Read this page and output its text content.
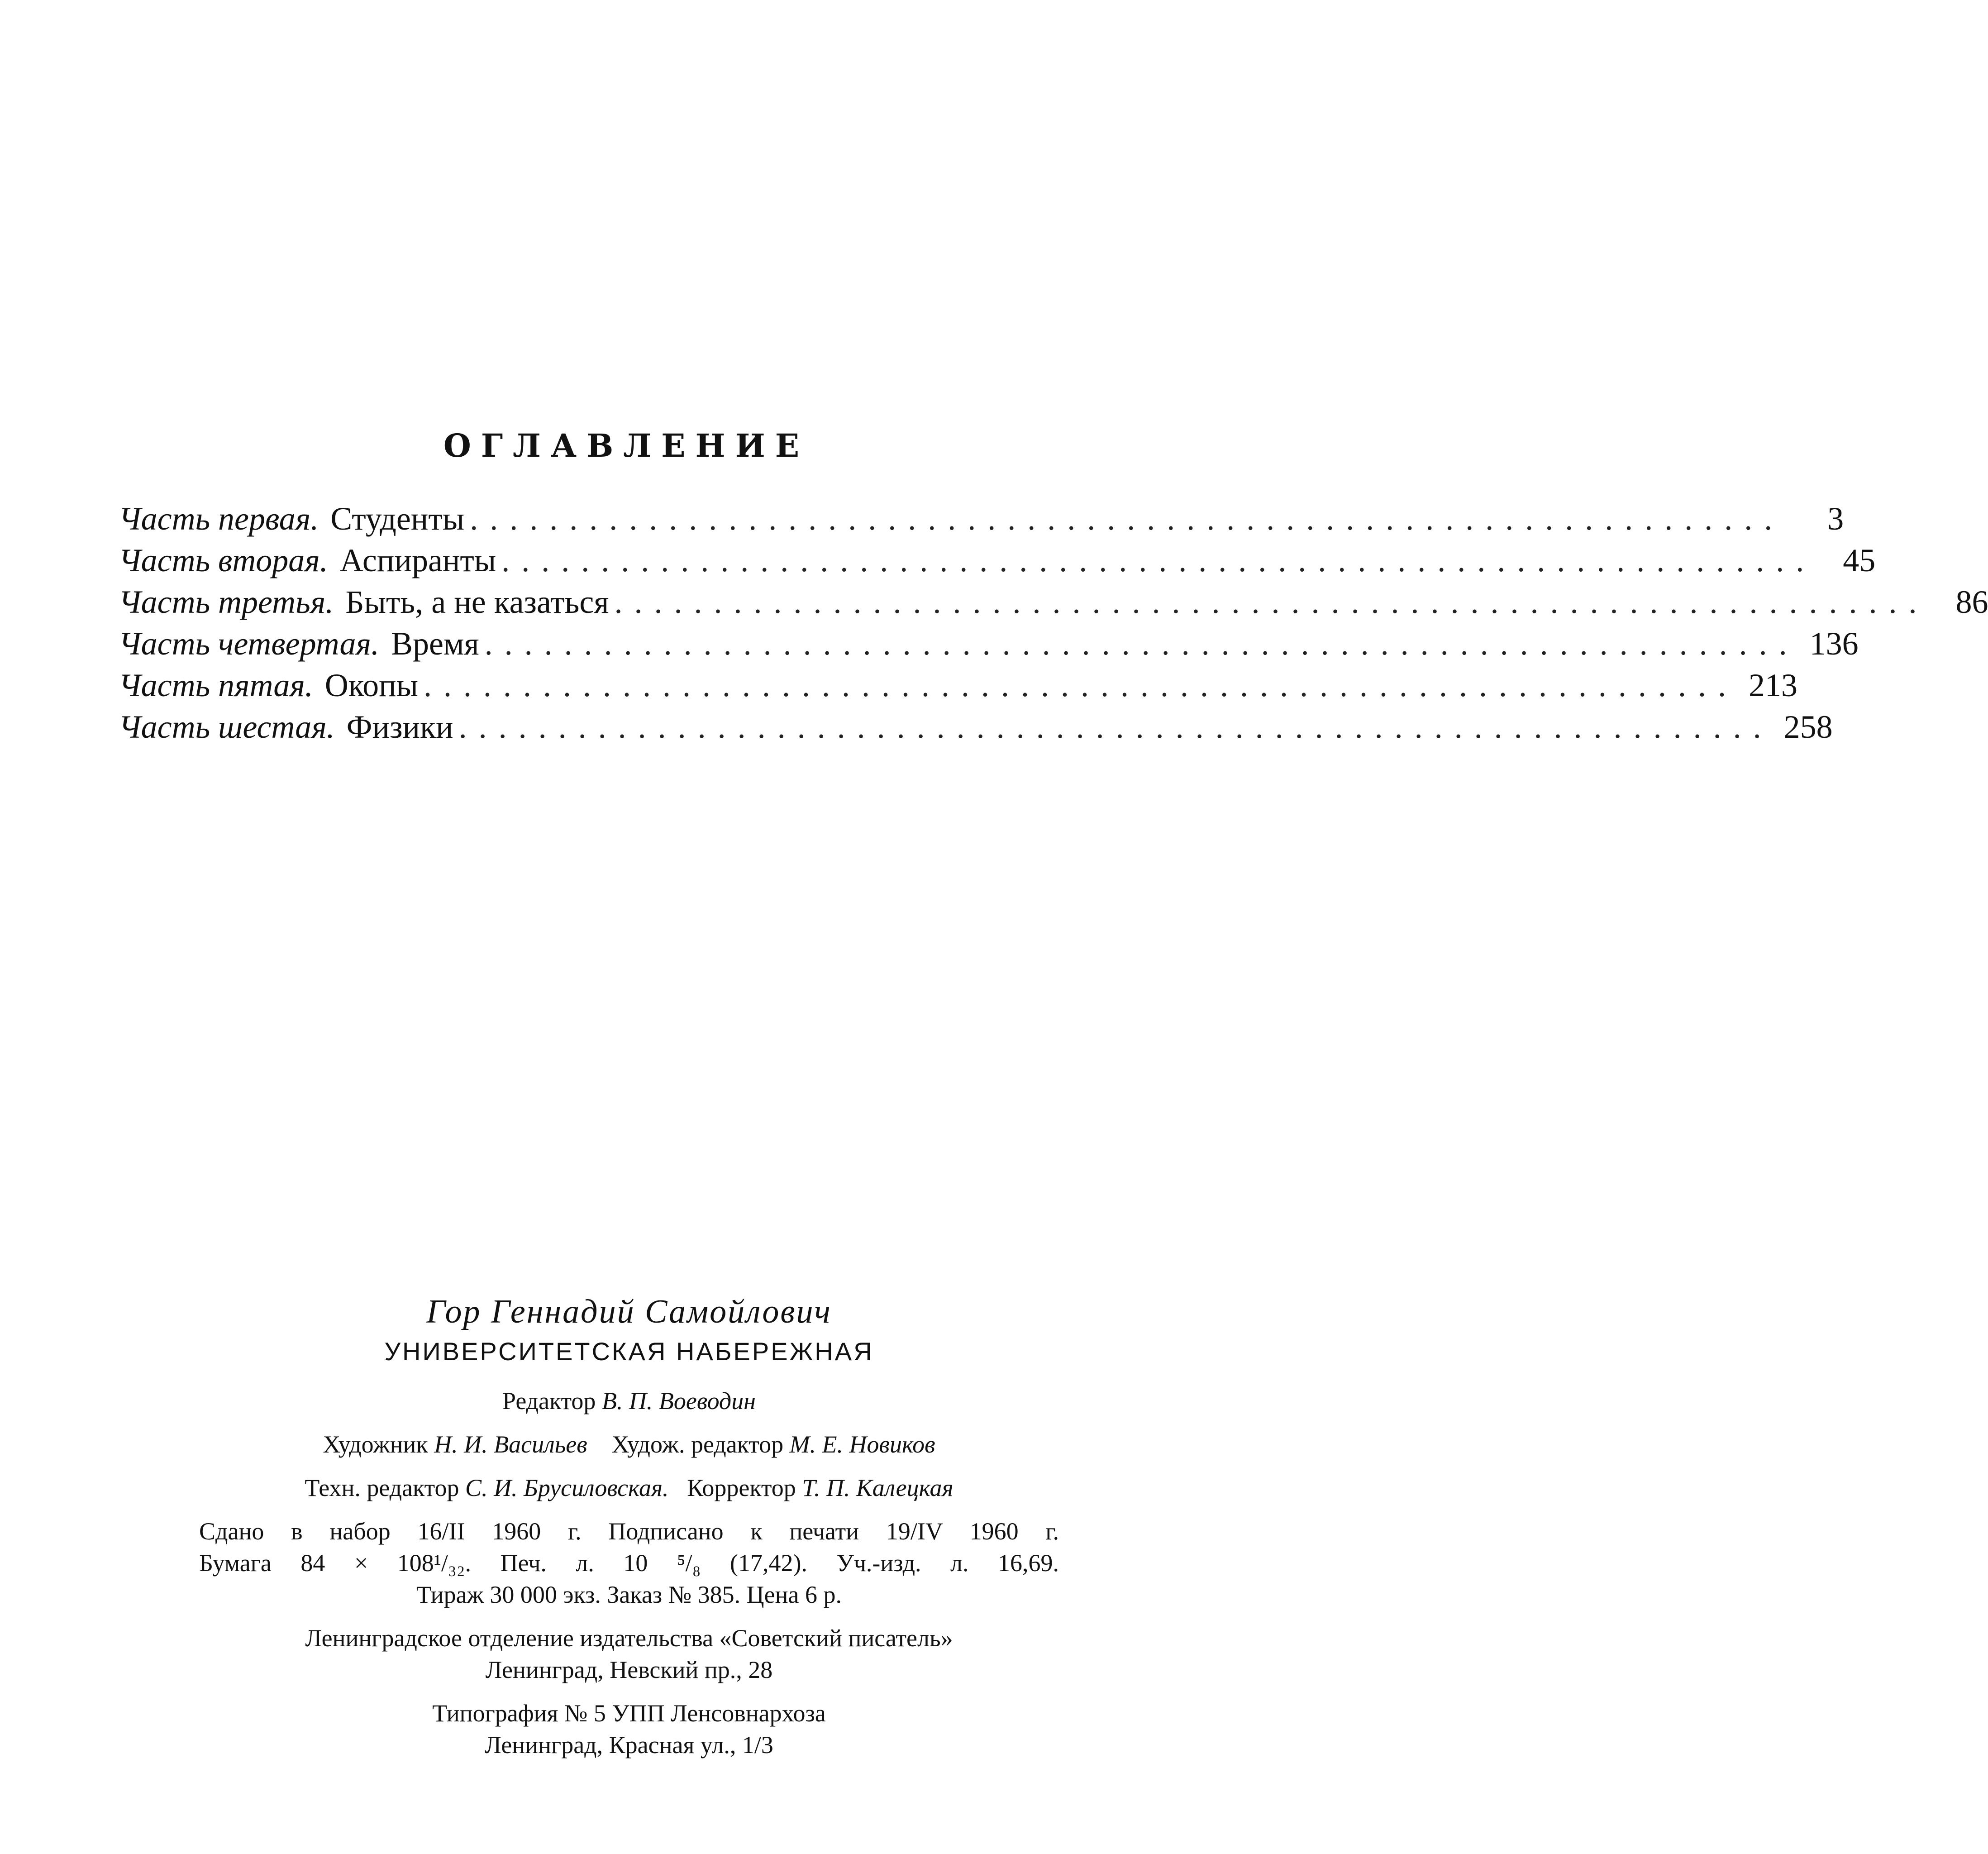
ОГЛАВЛЕНИЕ
Часть первая. Студенты ..................................................................	3
Часть вторая. Аспиранты .................................................................. 45
Часть третья. Быть, а не казаться .................................................................. 86
Часть четвертая. Время .................................................................. 136
Часть пятая. Окопы .................................................................. 213
Часть шестая. Физики .................................................................. 258
Гор Геннадий Самойлович
УНИВЕРСИТЕТСКАЯ НАБЕРЕЖНАЯ
Редактор В. П. Воеводин
Художник Н. И. Васильев Худож. редактор М. Е. Новиков
Техн. редактор С. И. Брусиловская. Корректор Т. П. Калецкая
Сдано в набор 16/II 1960 г. Подписано к печати 19/IV 1960 г.
Бумага 84 × 108¹/₃₂. Печ. л. 10 ⁵/₈ (17,42). Уч.-изд. л. 16,69.
Тираж 30 000 экз. Заказ № 385. Цена 6 р.
Ленинградское отделение издательства «Советский писатель»
Ленинград, Невский пр., 28
Типография № 5 УПП Ленсовнархоза
Ленинград, Красная ул., 1/3
